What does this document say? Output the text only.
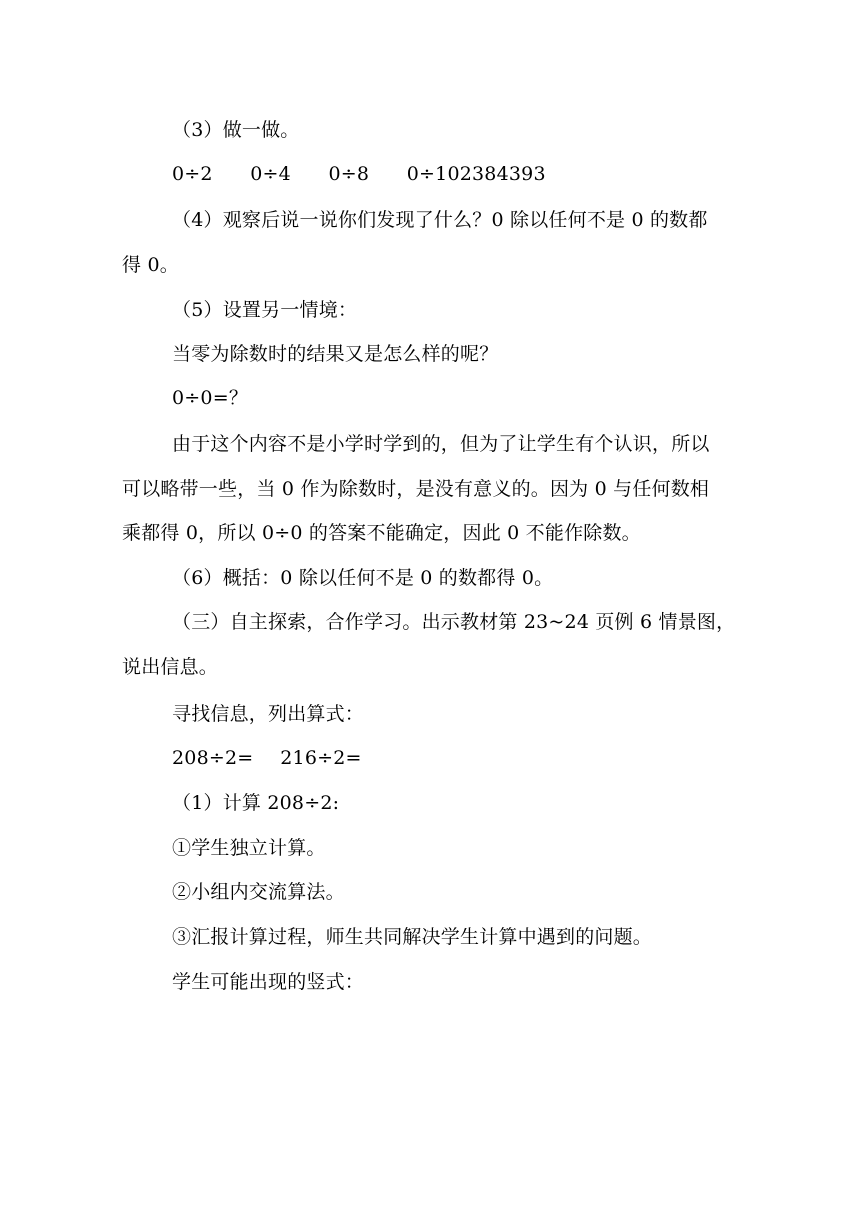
（3）做一做。
0÷2 0÷4 0÷8 0÷102384393
（4）观察后说一说你们发现了什么？0 除以任何不是 0 的数都
得 0。
（5）设置另一情境：
当零为除数时的结果又是怎么样的呢？
0÷0=？
由于这个内容不是小学时学到的，但为了让学生有个认识，所以
可以略带一些，当 0 作为除数时，是没有意义的。因为 0 与任何数相
乘都得 0，所以 0÷0 的答案不能确定，因此 0 不能作除数。
（6）概括：0 除以任何不是 0 的数都得 0。
（三）自主探索，合作学习。出示教材第 23~24 页例 6 情景图，
说出信息。
寻找信息，列出算式：
208÷2= 216÷2=
（1）计算 208÷2:
①学生独立计算。
②小组内交流算法。
③汇报计算过程，师生共同解决学生计算中遇到的问题。
学生可能出现的竖式：
